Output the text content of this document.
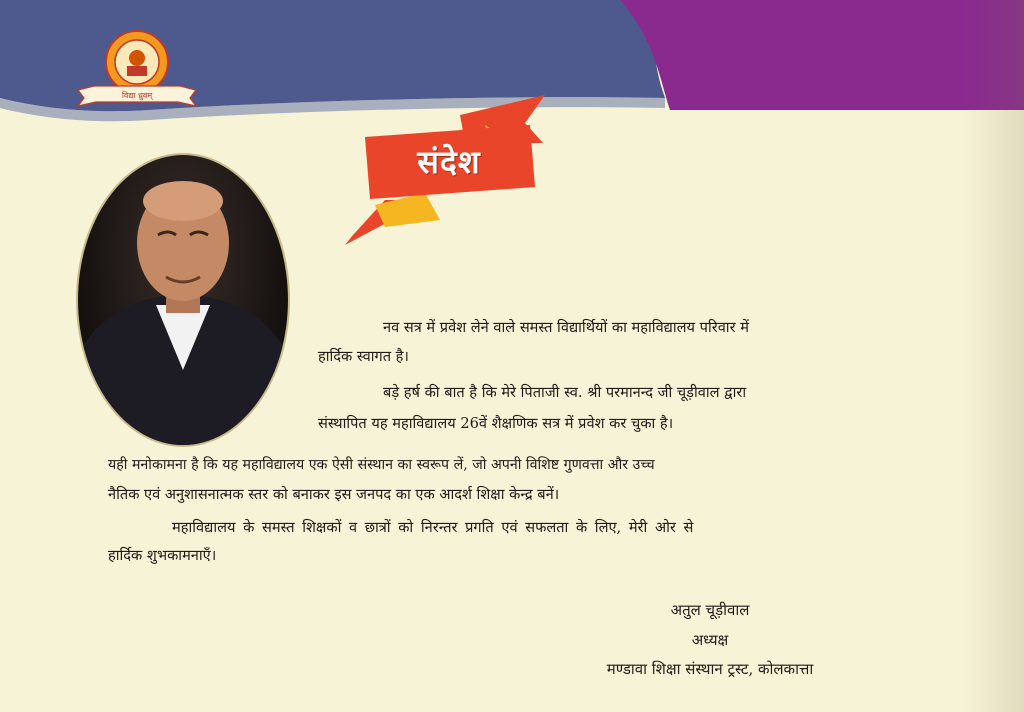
विद्या ध्रुवम्
संदेश

नव सत्र में प्रवेश लेने वाले समस्त विद्यार्थियों का महाविद्यालय परिवार में

हार्दिक स्वागत है।

बड़े हर्ष की बात है कि मेरे पिताजी स्व. श्री परमानन्द जी चूड़ीवाल द्वारा

संस्थापित यह महाविद्यालय 26वें शैक्षणिक सत्र में प्रवेश कर चुका है।

यही मनोकामना है कि यह महाविद्यालय एक ऐसी संस्थान का स्वरूप लें, जो अपनी विशिष्ट गुणवत्ता और उच्च

नैतिक एवं अनुशासनात्मक स्तर को बनाकर इस जनपद का एक आदर्श शिक्षा केन्द्र बनें।

महाविद्यालय के समस्त शिक्षकों व छात्रों को निरन्तर प्रगति एवं सफलता के लिए, मेरी ओर से

हार्दिक शुभकामनाएँ।

अतुल चूड़ीवाल

अध्यक्ष

मण्डावा शिक्षा संस्थान ट्रस्ट, कोलकात्ता
